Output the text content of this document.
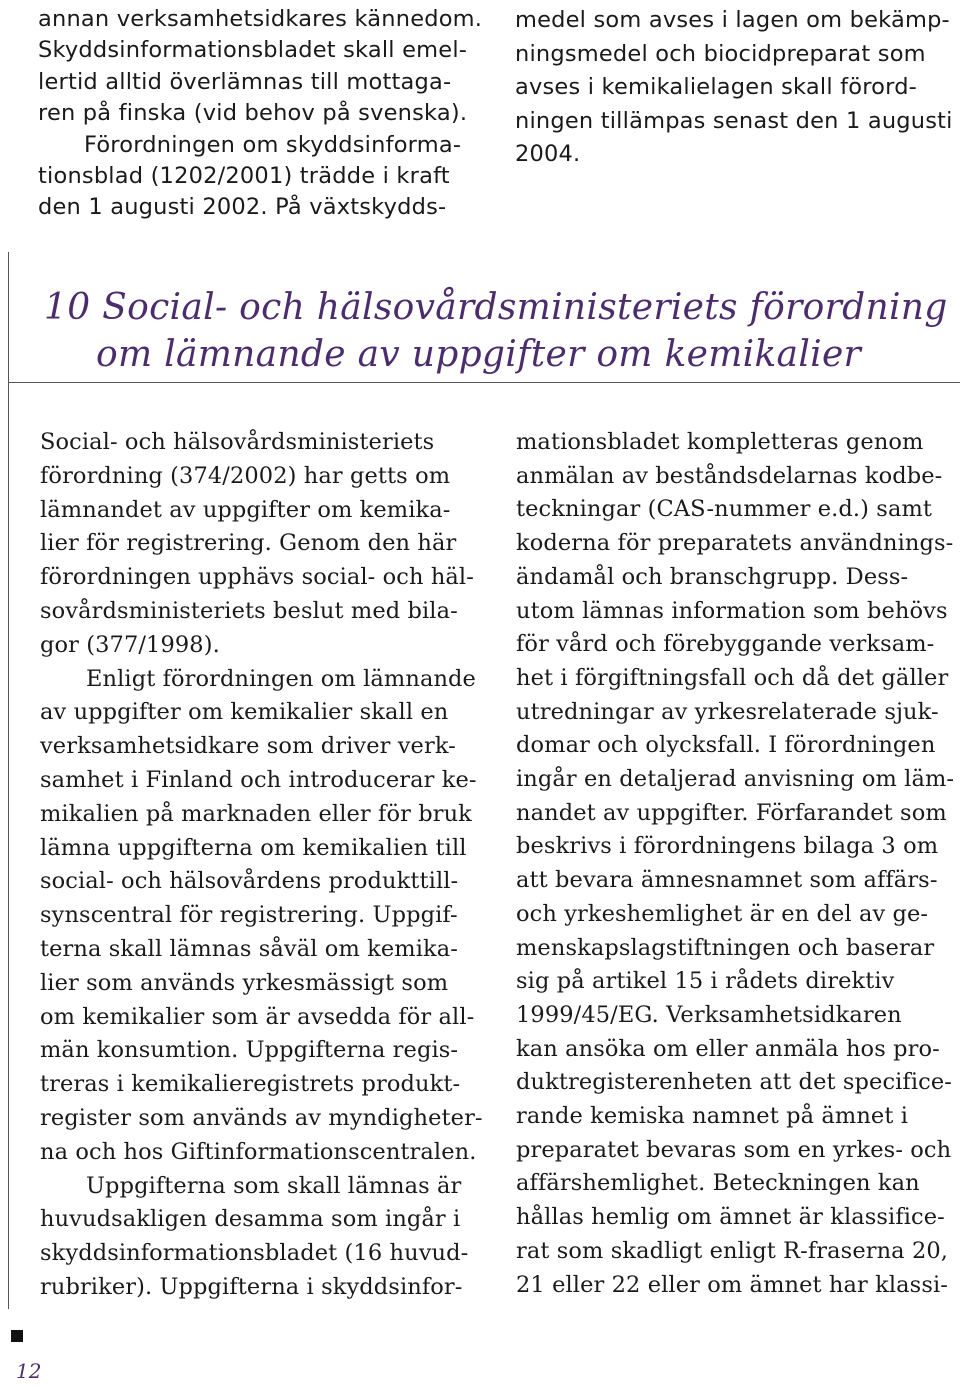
annan verksamhetsidkares kännedom.
Skyddsinformationsbladet skall emel-
lertid alltid överlämnas till mottaga-
ren på finska (vid behov på svenska).
Förordningen om skyddsinforma-
tionsblad (1202/2001) trädde i kraft
den 1 augusti 2002. På växtskydds-
medel som avses i lagen om bekämp-
ningsmedel och biocidpreparat som
avses i kemikalielagen skall förord-
ningen tillämpas senast den 1 augusti
2004.
10 Social- och hälsovårdsministeriets förordning
om lämnande av uppgifter om kemikalier
Social- och hälsovårdsministeriets
förordning (374/2002) har getts om
lämnandet av uppgifter om kemika-
lier för registrering. Genom den här
förordningen upphävs social- och häl-
sovårdsministeriets beslut med bila-
gor (377/1998).
Enligt förordningen om lämnande
av uppgifter om kemikalier skall en
verksamhetsidkare som driver verk-
samhet i Finland och introducerar ke-
mikalien på marknaden eller för bruk
lämna uppgifterna om kemikalien till
social- och hälsovårdens produkttill-
synscentral för registrering. Uppgif-
terna skall lämnas såväl om kemika-
lier som används yrkesmässigt som
om kemikalier som är avsedda för all-
män konsumtion. Uppgifterna regis-
treras i kemikalieregistrets produkt-
register som används av myndigheter-
na och hos Giftinformationscentralen.
Uppgifterna som skall lämnas är
huvudsakligen desamma som ingår i
skyddsinformationsbladet (16 huvud-
rubriker). Uppgifterna i skyddsinfor-
mationsbladet kompletteras genom
anmälan av beståndsdelarnas kodbe-
teckningar (CAS-nummer e.d.) samt
koderna för preparatets användnings-
ändamål och branschgrupp. Dess-
utom lämnas information som behövs
för vård och förebyggande verksam-
het i förgiftningsfall och då det gäller
utredningar av yrkesrelaterade sjuk-
domar och olycksfall. I förordningen
ingår en detaljerad anvisning om läm-
nandet av uppgifter. Förfarandet som
beskrivs i förordningens bilaga 3 om
att bevara ämnesnamnet som affärs-
och yrkeshemlighet är en del av ge-
menskapslagstiftningen och baserar
sig på artikel 15 i rådets direktiv
1999/45/EG. Verksamhetsidkaren
kan ansöka om eller anmäla hos pro-
duktregisterenheten att det specifice-
rande kemiska namnet på ämnet i
preparatet bevaras som en yrkes- och
affärshemlighet. Beteckningen kan
hållas hemlig om ämnet är klassifice-
rat som skadligt enligt R-fraserna 20,
21 eller 22 eller om ämnet har klassi-
12
